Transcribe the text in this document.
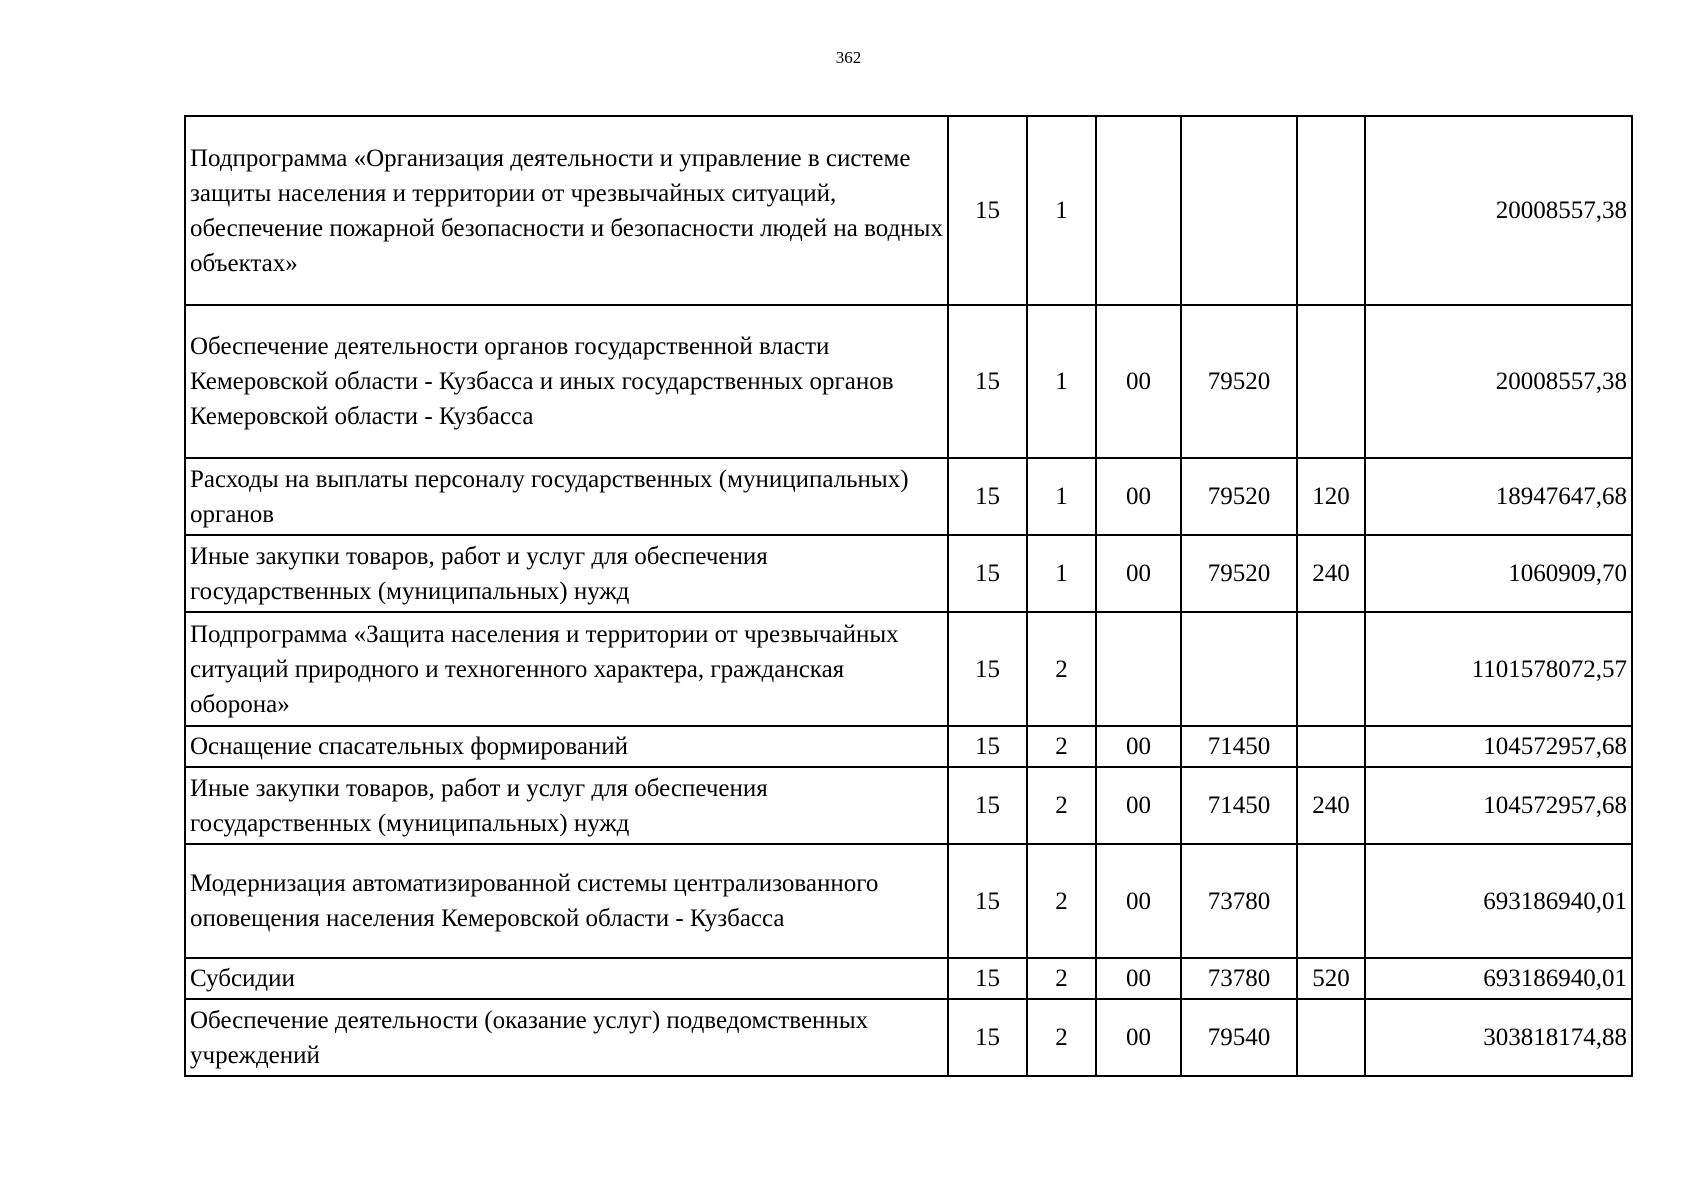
362
Подпрограмма «Организация деятельности и управление в системе защиты населения и территории от чрезвычайных ситуаций, обеспечение пожарной безопасности и безопасности людей на водных объектах»	15	1				20008557,38
Обеспечение деятельности органов государственной власти Кемеровской области - Кузбасса и иных государственных органов Кемеровской области - Кузбасса	15	1	00	79520		20008557,38
Расходы на выплаты персоналу государственных (муниципальных) органов	15	1	00	79520	120	18947647,68
Иные закупки товаров, работ и услуг для обеспечения государственных (муниципальных) нужд	15	1	00	79520	240	1060909,70
Подпрограмма «Защита населения и территории от чрезвычайных ситуаций природного и техногенного характера, гражданская оборона»	15	2				1101578072,57
Оснащение спасательных формирований	15	2	00	71450		104572957,68
Иные закупки товаров, работ и услуг для обеспечения государственных (муниципальных) нужд	15	2	00	71450	240	104572957,68
Модернизация автоматизированной системы централизованного оповещения населения Кемеровской области - Кузбасса	15	2	00	73780		693186940,01
Субсидии	15	2	00	73780	520	693186940,01
Обеспечение деятельности (оказание услуг) подведомственных учреждений	15	2	00	79540		303818174,88
